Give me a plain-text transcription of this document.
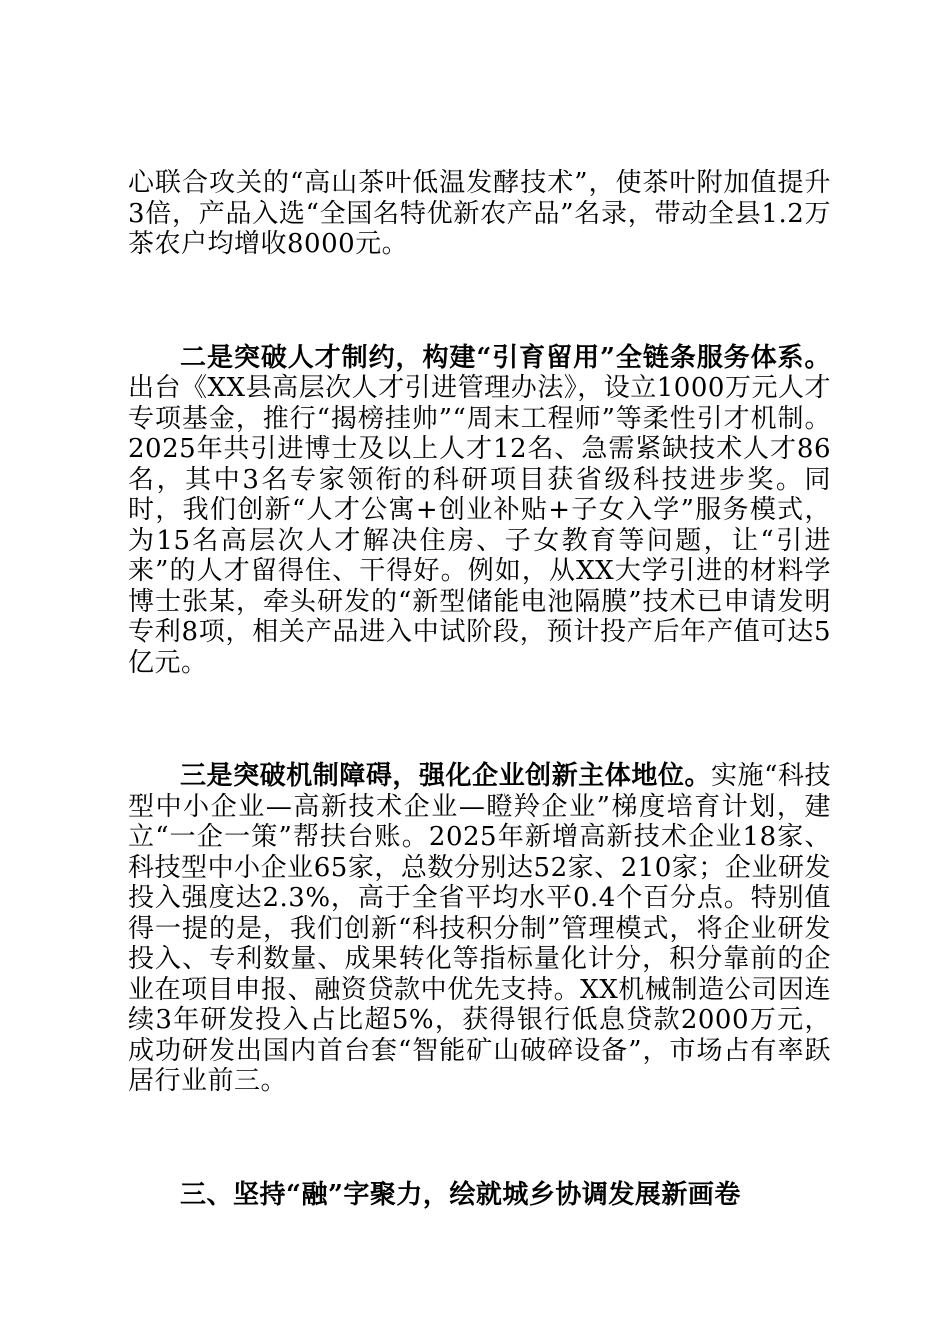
心联合攻关的“高山茶叶低温发酵技术”，使茶叶附加值提升3倍，产品入选“全国名特优新农产品”名录，带动全县1.2万茶农户均增收8000元。

二是突破人才制约，构建“引育留用”全链条服务体系。出台《XX县高层次人才引进管理办法》，设立1000万元人才专项基金，推行“揭榜挂帅”“周末工程师”等柔性引才机制。2025年共引进博士及以上人才12名、急需紧缺技术人才86名，其中3名专家领衔的科研项目获省级科技进步奖。同时，我们创新“人才公寓+创业补贴+子女入学”服务模式，为15名高层次人才解决住房、子女教育等问题，让“引进来”的人才留得住、干得好。例如，从XX大学引进的材料学博士张某，牵头研发的“新型储能电池隔膜”技术已申请发明专利8项，相关产品进入中试阶段，预计投产后年产值可达5亿元。

三是突破机制障碍，强化企业创新主体地位。实施“科技型中小企业—高新技术企业—瞪羚企业”梯度培育计划，建立“一企一策”帮扶台账。2025年新增高新技术企业18家、科技型中小企业65家，总数分别达52家、210家；企业研发投入强度达2.3%，高于全省平均水平0.4个百分点。特别值得一提的是，我们创新“科技积分制”管理模式，将企业研发投入、专利数量、成果转化等指标量化计分，积分靠前的企业在项目申报、融资贷款中优先支持。XX机械制造公司因连续3年研发投入占比超5%，获得银行低息贷款2000万元，成功研发出国内首台套“智能矿山破碎设备”，市场占有率跃居行业前三。

三、坚持“融”字聚力，绘就城乡协调发展新画卷
